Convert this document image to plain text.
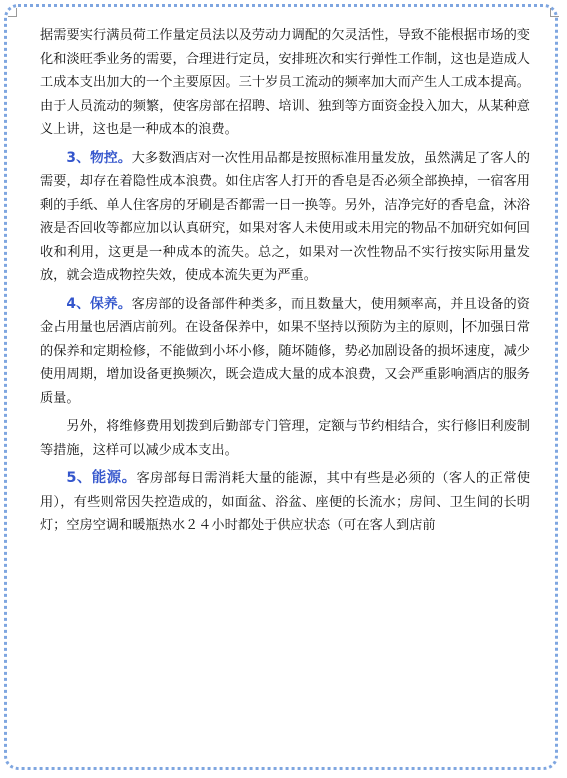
据需要实行满员荷工作量定员法以及劳动力调配的欠灵活性，导致不能根据市场的变化和淡旺季业务的需要，合理进行定员，安排班次和实行弹性工作制，这也是造成人工成本支出加大的一个主要原因。三十岁员工流动的频率加大而产生人工成本提高。由于人员流动的频繁，使客房部在招聘、培训、独到等方面资金投入加大，从某种意义上讲，这也是一种成本的浪费。

3、物控。大多数酒店对一次性用品都是按照标准用量发放，虽然满足了客人的需要，却存在着隐性成本浪费。如住店客人打开的香皂是否必须全部换掉，一宿客用剩的手纸、单人住客房的牙刷是否都需一日一换等。另外，洁净完好的香皂盒，沐浴液是否回收等都应加以认真研究，如果对客人未使用或未用完的物品不加研究如何回收和利用，这更是一种成本的流失。总之，如果对一次性物品不实行按实际用量发放，就会造成物控失效，使成本流失更为严重。

4、保养。客房部的设备部件种类多，而且数量大，使用频率高，并且设备的资金占用量也居酒店前列。在设备保养中，如果不坚持以预防为主的原则， 不加强日常的保养和定期检修，不能做到小坏小修，随坏随修，势必加剧设备的损坏速度，减少使用周期，增加设备更换频次，既会造成大量的成本浪费，又会严重影响酒店的服务质量。

另外，将维修费用划拨到后勤部专门管理，定额与节约相结合，实行修旧利废制等措施，这样可以减少成本支出。

5、能源。客房部每日需消耗大量的能源，其中有些是必须的（客人的正常使用），有些则常因失控造成的，如面盆、浴盆、座便的长流水；房间、卫生间的长明灯；空房空调和暖瓶热水２４小时都处于供应状态（可在客人到店前
